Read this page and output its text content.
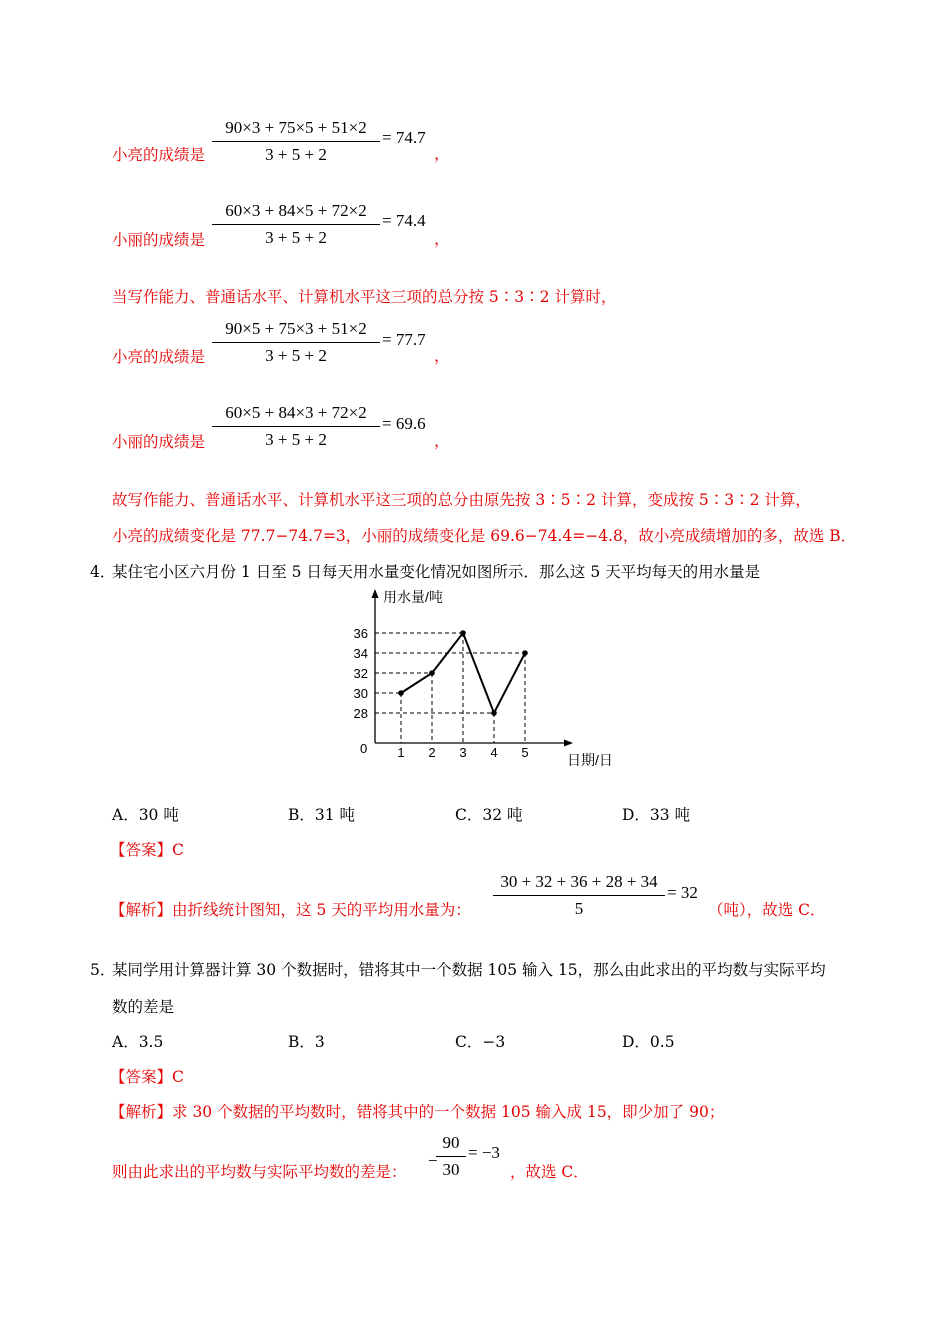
小亮的成绩是
90×3 + 75×5 + 51×2
3 + 5 + 2
= 74.7
，
小丽的成绩是
60×3 + 84×5 + 72×2
3 + 5 + 2
= 74.4
，
当写作能力、普通话水平、计算机水平这三项的总分按 5∶3∶2 计算时，
小亮的成绩是
90×5 + 75×3 + 51×2
3 + 5 + 2
= 77.7
，
小丽的成绩是
60×5 + 84×3 + 72×2
3 + 5 + 2
= 69.6
，
故写作能力、普通话水平、计算机水平这三项的总分由原先按 3∶5∶2 计算，变成按 5∶3∶2 计算，
小亮的成绩变化是 77.7−74.7=3，小丽的成绩变化是 69.6−74.4=−4.8，故小亮成绩增加的多，故选 B．
4．
某住宅小区六月份 1 日至 5 日每天用水量变化情况如图所示．那么这 5 天平均每天的用水量是
用水量/吨
日期/日
0
36
34
32
30
28
1 2 3 4 5
A．30 吨	B．31 吨	C．32 吨	D．33 吨
【答案】C
【解析】由折线统计图知，这 5 天的平均用水量为：
30 + 32 + 36 + 28 + 34
5
= 32
（吨），故选 C．
5．
某同学用计算器计算 30 个数据时，错将其中一个数据 105 输入 15，那么由此求出的平均数与实际平均
数的差是
A．3.5	B．3	C．−3	D．0.5
【答案】C
【解析】求 30 个数据的平均数时，错将其中的一个数据 105 输入成 15，即少加了 90；
则由此求出的平均数与实际平均数的差是：
−
90
30
= −3
，故选 C．
